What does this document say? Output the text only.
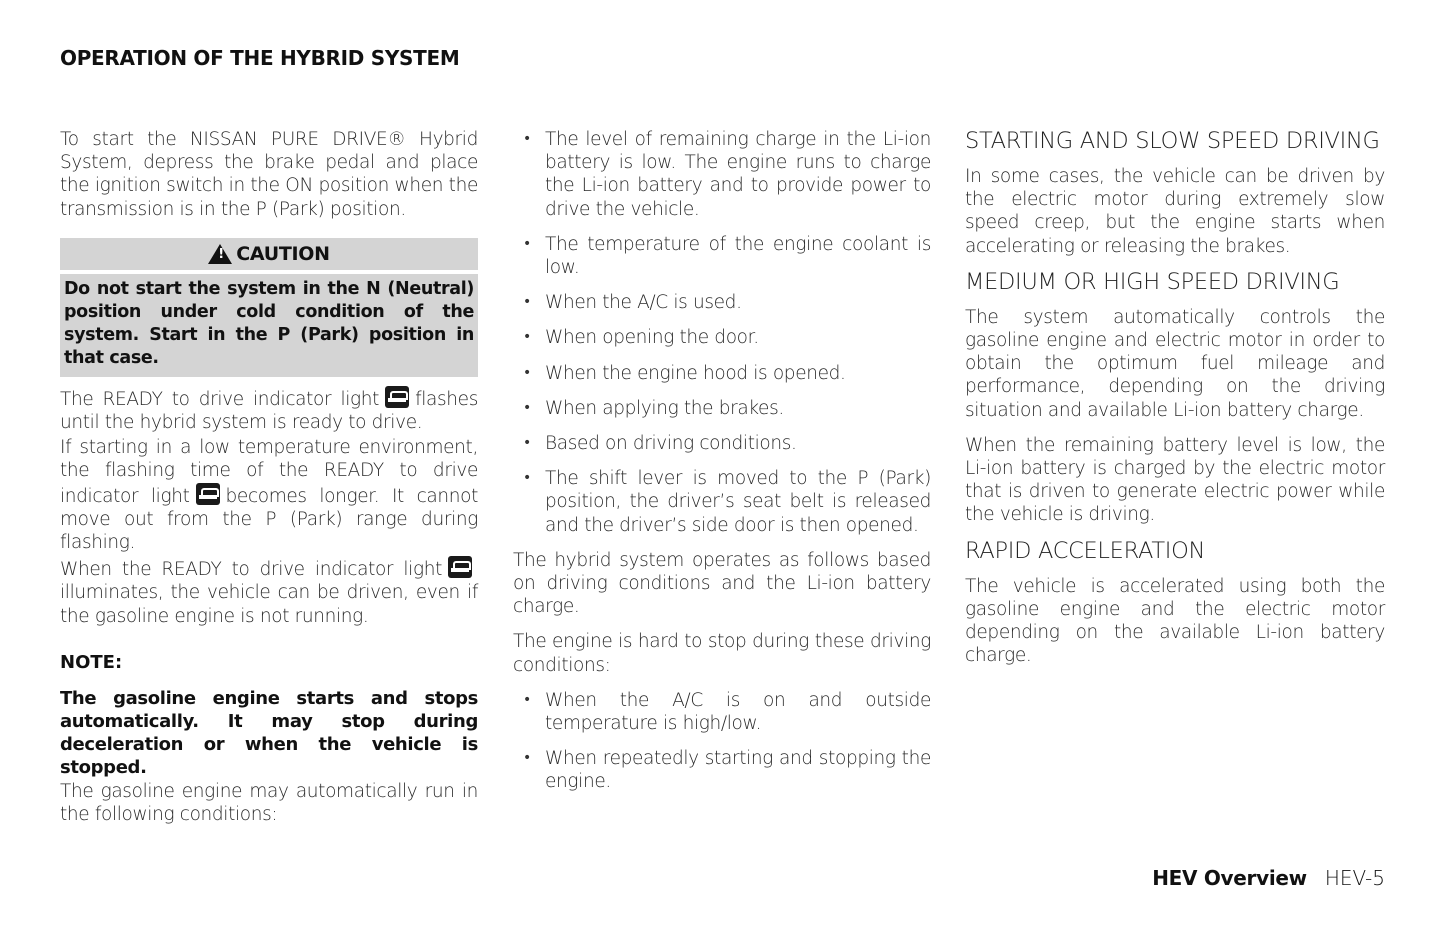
OPERATION OF THE HYBRID SYSTEM

To start the NISSAN PURE DRIVE® Hybrid System, depress the brake pedal and place the ignition switch in the ON position when the transmission is in the P (Park) position.

! CAUTION

Do not start the system in the N (Neutral) position under cold condition of the system. Start in the P (Park) position in that case.

The READY to drive indicator light flashes until the hybrid system is ready to drive.

If starting in a low temperature environment, the flashing time of the READY to drive indicator light becomes longer. It cannot move out from the P (Park) range during flashing.

When the READY to drive indicator lightilluminates, the vehicle can be driven, even if the gasoline engine is not running.

NOTE:

The gasoline engine starts and stops automatically. It may stop during deceleration or when the vehicle is stopped.

The gasoline engine may automatically run in the following conditions:

• The level of remaining charge in the Li-ion battery is low. The engine runs to charge the Li-ion battery and to provide power to drive the vehicle.

• The temperature of the engine coolant is low.

• When the A/C is used.

• When opening the door.

• When the engine hood is opened.

• When applying the brakes.

• Based on driving conditions.

• The shift lever is moved to the P (Park) position, the driver’s seat belt is released and the driver’s side door is then opened.

The hybrid system operates as follows based on driving conditions and the Li-ion battery charge.

The engine is hard to stop during these driving conditions:

• When the A/C is on and outside temperature is high/low.

• When repeatedly starting and stopping the engine.

STARTING AND SLOW SPEED DRIVING

In some cases, the vehicle can be driven by the electric motor during extremely slow speed creep, but the engine starts when accelerating or releasing the brakes.

MEDIUM OR HIGH SPEED DRIVING

The system automatically controls the gasoline engine and electric motor in order to obtain the optimum fuel mileage and performance, depending on the driving situation and available Li-ion battery charge.

When the remaining battery level is low, the Li-ion battery is charged by the electric motor that is driven to generate electric power while the vehicle is driving.

RAPID ACCELERATION

The vehicle is accelerated using both the gasoline engine and the electric motor depending on the available Li-ion battery charge.

HEV Overview HEV-5
